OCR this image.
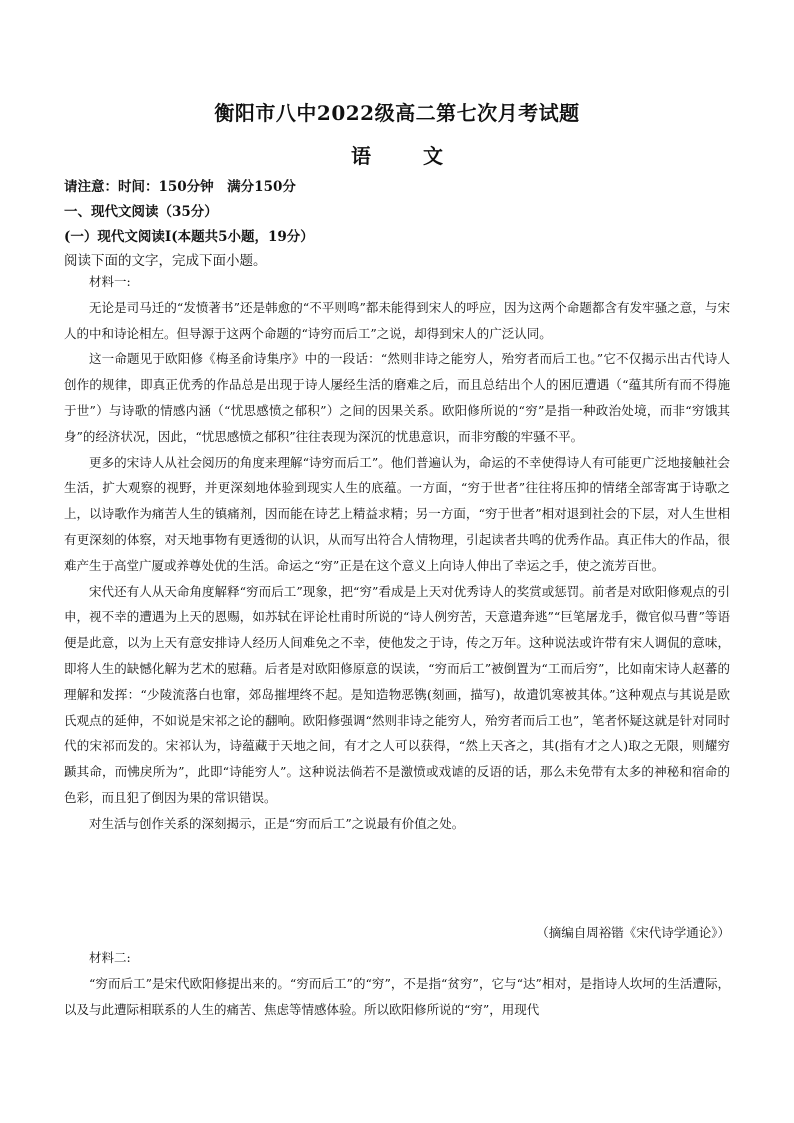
衡阳市八中2022级高二第七次月考试题
语　文
请注意：时间：150分钟　满分150分
一、现代文阅读（35分）
(一）现代文阅读Ⅰ(本题共5小题，19分）
阅读下面的文字，完成下面小题。

材料一:

无论是司马迁的“发愤著书”还是韩愈的“不平则鸣”都未能得到宋人的呼应，因为这两个命题都含有发牢骚之意，与宋人的中和诗论相左。但导源于这两个命题的“诗穷而后工”之说，却得到宋人的广泛认同。

这一命题见于欧阳修《梅圣俞诗集序》中的一段话：“然则非诗之能穷人，殆穷者而后工也。”它不仅揭示出古代诗人创作的规律，即真正优秀的作品总是出现于诗人屡经生活的磨难之后，而且总结出个人的困厄遭遇（“蕴其所有而不得施于世”）与诗歌的情感内涵（“忧思感愤之郁积”）之间的因果关系。欧阳修所说的“穷”是指一种政治处境，而非“穷饿其身”的经济状况，因此，“忧思感愤之郁积”往往表现为深沉的忧患意识，而非穷酸的牢骚不平。

更多的宋诗人从社会阅历的角度来理解“诗穷而后工”。他们普遍认为，命运的不幸使得诗人有可能更广泛地接触社会生活，扩大观察的视野，并更深刻地体验到现实人生的底蕴。一方面，“穷于世者”往往将压抑的情绪全部寄寓于诗歌之上，以诗歌作为痛苦人生的镇痛剂，因而能在诗艺上精益求精；另一方面，“穷于世者”相对退到社会的下层，对人生世相有更深刻的体察，对天地事物有更透彻的认识，从而写出符合人情物理，引起读者共鸣的优秀作品。真正伟大的作品，很难产生于高堂广厦或养尊处优的生活。命运之“穷”正是在这个意义上向诗人伸出了幸运之手，使之流芳百世。

宋代还有人从天命角度解释“穷而后工”现象，把“穷”看成是上天对优秀诗人的奖赏或惩罚。前者是对欧阳修观点的引申，视不幸的遭遇为上天的恩赐，如苏轼在评论杜甫时所说的“诗人例穷苦，天意遣奔逃”“巨笔屠龙手，微官似马曹”等语便是此意，以为上天有意安排诗人经历人间难免之不幸，使他发之于诗，传之万年。这种说法或许带有宋人调侃的意味，即将人生的缺憾化解为艺术的慰藉。后者是对欧阳修原意的误读，“穷而后工”被倒置为“工而后穷”，比如南宋诗人赵蕃的理解和发挥：“少陵流落白也窜，郊岛摧埋终不起。是知造物恶镌(刻画，描写)，故遣饥寒被其体。”这种观点与其说是欧氏观点的延伸，不如说是宋祁之论的翻响。欧阳修强调“然则非诗之能穷人，殆穷者而后工也”，笔者怀疑这就是针对同时代的宋祁而发的。宋祁认为，诗蕴藏于天地之间，有才之人可以获得，“然上天吝之，其(指有才之人)取之无限，则耀穷踬其命，而怫戾所为”，此即“诗能穷人”。这种说法倘若不是激愤或戏谑的反语的话，那么未免带有太多的神秘和宿命的色彩，而且犯了倒因为果的常识错误。

对生活与创作关系的深刻揭示，正是“穷而后工”之说最有价值之处。

（摘编自周裕锴《宋代诗学通论》）

材料二:

“穷而后工”是宋代欧阳修提出来的。“穷而后工”的“穷”，不是指“贫穷”，它与“达”相对，是指诗人坎坷的生活遭际，以及与此遭际相联系的人生的痛苦、焦虑等情感体验。所以欧阳修所说的“穷”，用现代
